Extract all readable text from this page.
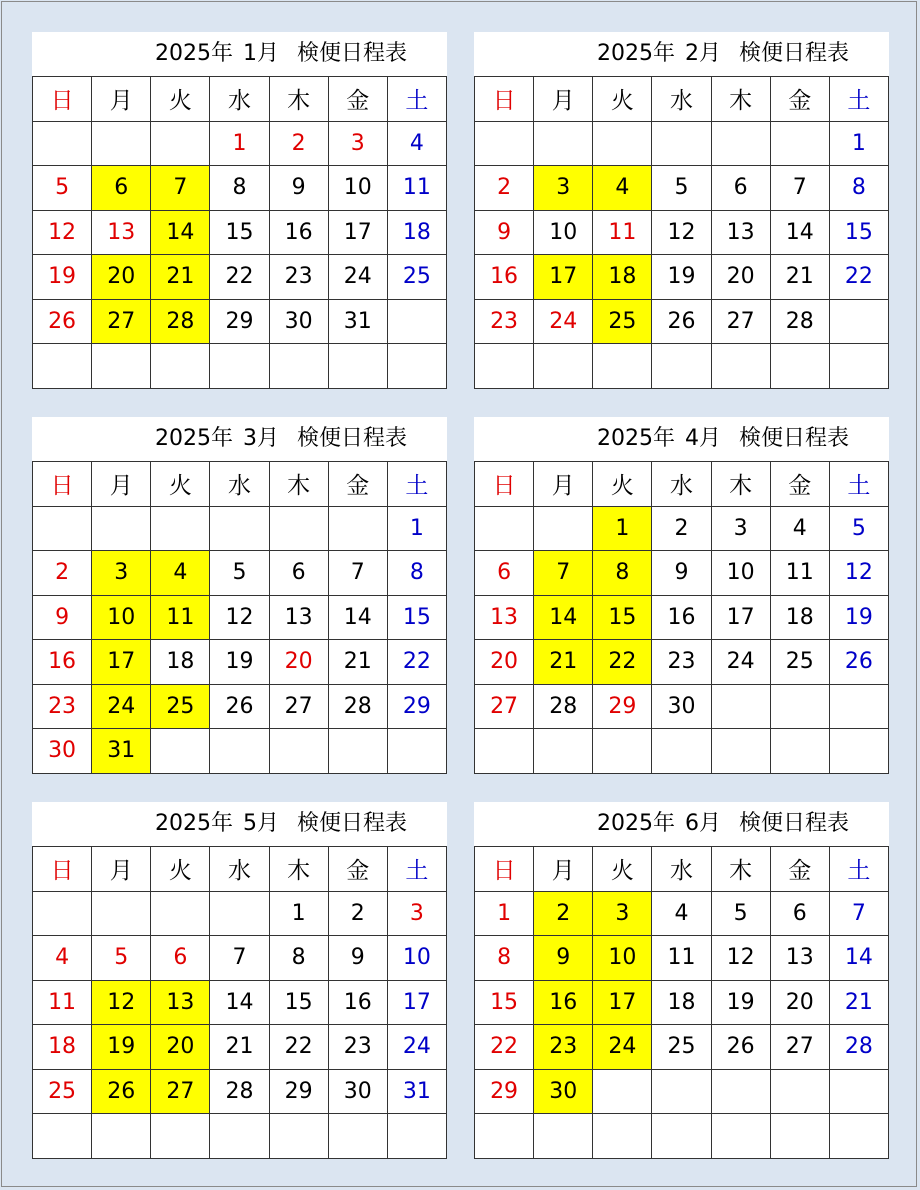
2025年 1月 検便日程表
日	月	火	水	木	金	土
			1	2	3	4
5	6	7	8	9	10	11
12	13	14	15	16	17	18
19	20	21	22	23	24	25
26	27	28	29	30	31	

2025年 2月 検便日程表
日	月	火	水	木	金	土
						1
2	3	4	5	6	7	8
9	10	11	12	13	14	15
16	17	18	19	20	21	22
23	24	25	26	27	28	

2025年 3月 検便日程表
日	月	火	水	木	金	土
						1
2	3	4	5	6	7	8
9	10	11	12	13	14	15
16	17	18	19	20	21	22
23	24	25	26	27	28	29
30	31					
2025年 4月 検便日程表
日	月	火	水	木	金	土
		1	2	3	4	5
6	7	8	9	10	11	12
13	14	15	16	17	18	19
20	21	22	23	24	25	26
27	28	29	30			

2025年 5月 検便日程表
日	月	火	水	木	金	土
				1	2	3
4	5	6	7	8	9	10
11	12	13	14	15	16	17
18	19	20	21	22	23	24
25	26	27	28	29	30	31

2025年 6月 検便日程表
日	月	火	水	木	金	土
1	2	3	4	5	6	7
8	9	10	11	12	13	14
15	16	17	18	19	20	21
22	23	24	25	26	27	28
29	30					
